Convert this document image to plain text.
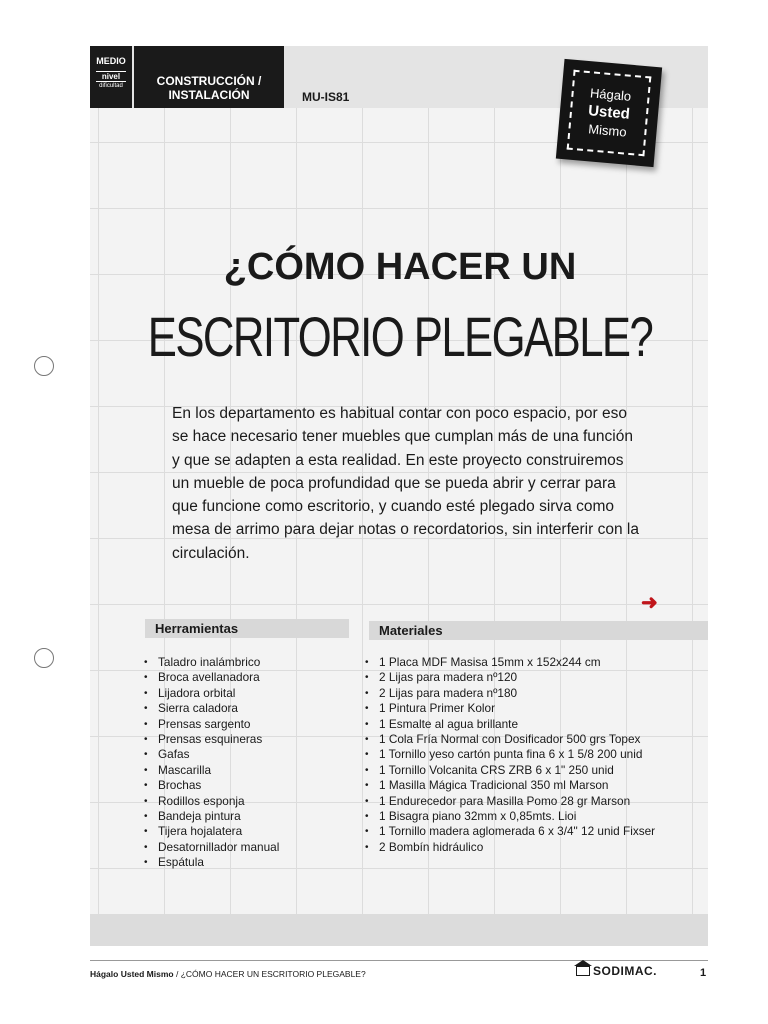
MEDIO
nivel
dificultad	CONSTRUCCIÓN /
INSTALACIÓN	MU-IS81	Hágalo
Usted
Mismo
¿CÓMO HACER UN
ESCRITORIO PLEGABLE?
En los departamento es habitual contar con poco espacio, por eso se hace necesario tener muebles que cumplan más de una función y que se adapten a esta realidad. En este proyecto construiremos un mueble de poca profundidad que se pueda abrir y cerrar para que funcione como escritorio, y cuando esté plegado sirva como mesa de arrimo para dejar notas o recordatorios, sin interferir con la circulación.
➜
Herramientas	Materiales
• Taladro inalámbrico
• Broca avellanadora
• Lijadora orbital
• Sierra caladora
• Prensas sargento
• Prensas esquineras
• Gafas
• Mascarilla
• Brochas
• Rodillos esponja
• Bandeja pintura
• Tijera hojalatera
• Desatornillador manual
• Espátula
• 1 Placa MDF Masisa 15mm x 152x244 cm
• 2 Lijas para madera nº120
• 2 Lijas para madera nº180
• 1 Pintura Primer Kolor
• 1 Esmalte al agua brillante
• 1 Cola Fría Normal con Dosificador 500 grs Topex
• 1 Tornillo yeso cartón punta fina 6 x 1 5/8 200 unid
• 1 Tornillo Volcanita CRS ZRB 6 x 1" 250 unid
• 1 Masilla Mágica Tradicional 350 ml Marson
• 1 Endurecedor para Masilla Pomo 28 gr Marson
• 1 Bisagra piano 32mm x 0,85mts. Lioi
• 1 Tornillo madera aglomerada 6 x 3/4" 12 unid Fixser
• 2 Bombín hidráulico
Hágalo Usted Mismo / ¿CÓMO HACER UN ESCRITORIO PLEGABLE?	SODIMAC.	1
